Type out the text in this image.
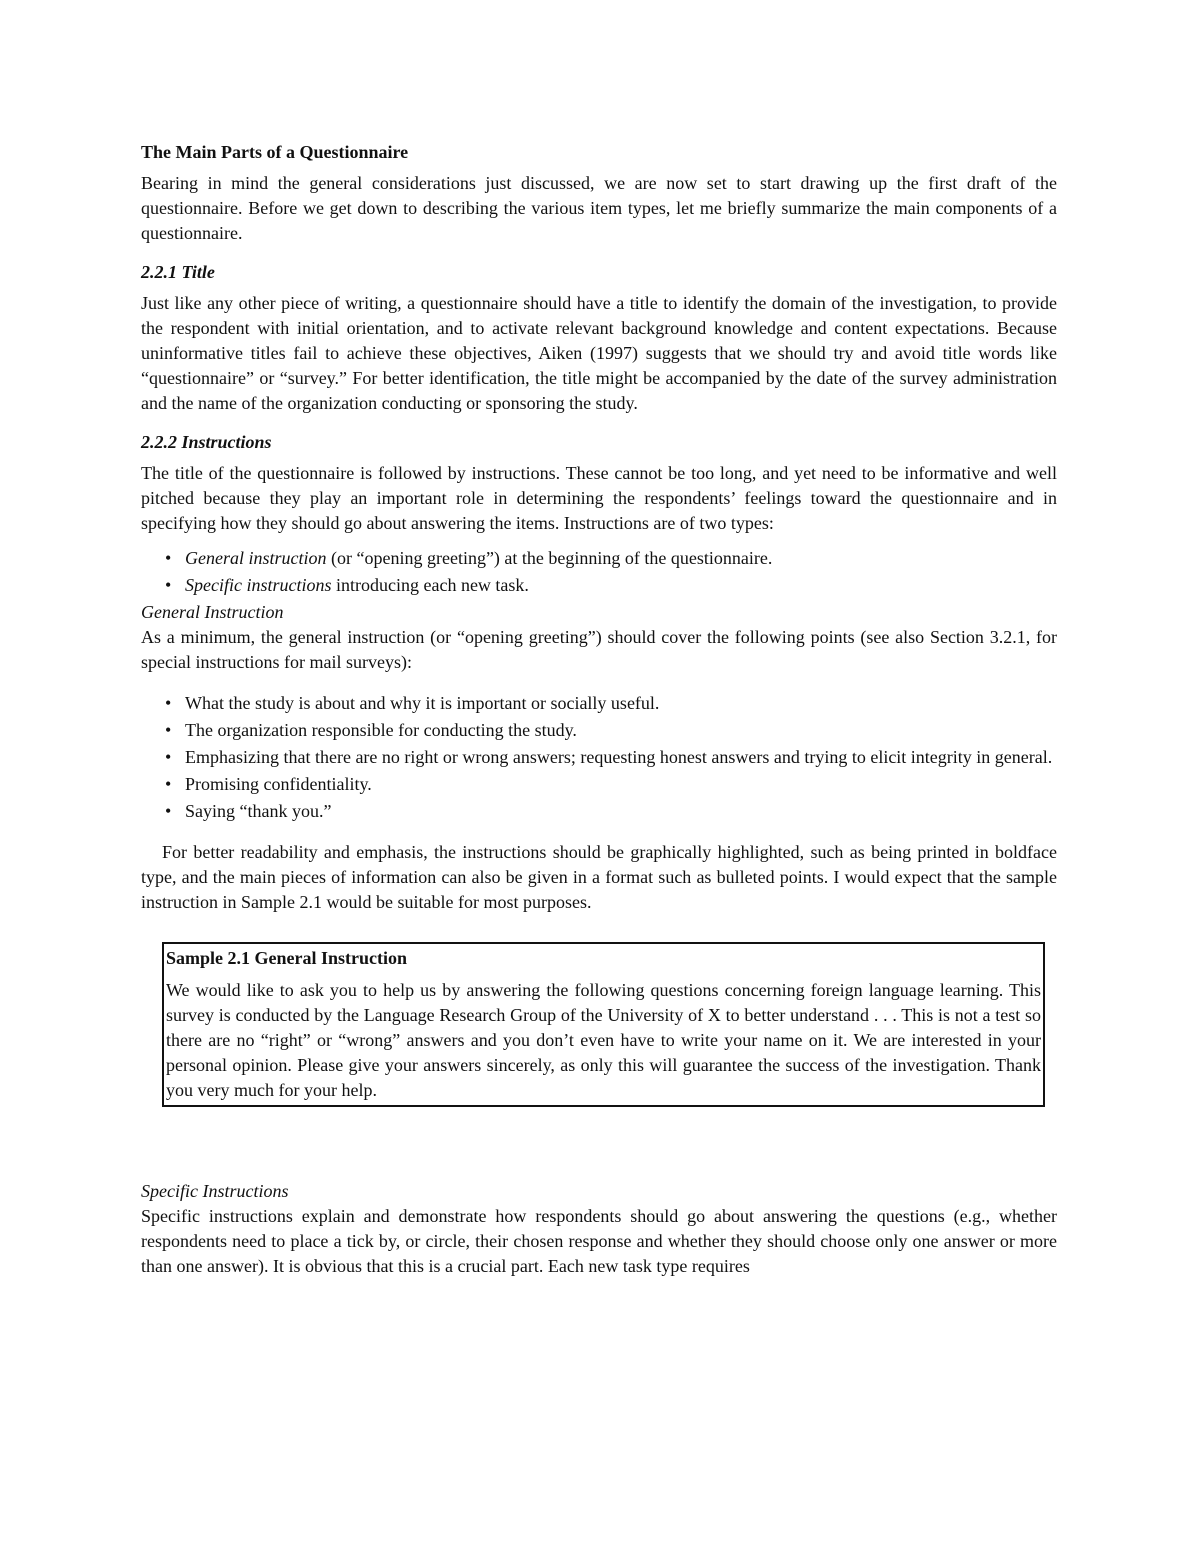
The Main Parts of a Questionnaire

Bearing in mind the general considerations just discussed, we are now set to start drawing up the first draft of the questionnaire. Before we get down to describing the various item types, let me briefly summarize the main components of a questionnaire.

2.2.1 Title

Just like any other piece of writing, a questionnaire should have a title to identify the domain of the investigation, to provide the respondent with initial orientation, and to activate relevant background knowledge and content expectations. Because uninformative titles fail to achieve these objectives, Aiken (1997) suggests that we should try and avoid title words like “questionnaire” or “survey.” For better identification, the title might be accompanied by the date of the survey administration and the name of the organization conducting or sponsoring the study.

2.2.2 Instructions

The title of the questionnaire is followed by instructions. These cannot be too long, and yet need to be informative and well pitched because they play an important role in determining the respondents’ feelings toward the questionnaire and in specifying how they should go about answering the items. Instructions are of two types:

• General instruction (or “opening greeting”) at the beginning of the questionnaire.
• Specific instructions introducing each new task.

General Instruction

As a minimum, the general instruction (or “opening greeting”) should cover the following points (see also Section 3.2.1, for special instructions for mail surveys):

• What the study is about and why it is important or socially useful.
• The organization responsible for conducting the study.
• Emphasizing that there are no right or wrong answers; requesting honest answers and trying to elicit integrity in general.
• Promising confidentiality.
• Saying “thank you.”

For better readability and emphasis, the instructions should be graphically highlighted, such as being printed in boldface type, and the main pieces of information can also be given in a format such as bulleted points. I would expect that the sample instruction in Sample 2.1 would be suitable for most purposes.

Sample 2.1 General Instruction

We would like to ask you to help us by answering the following questions concerning foreign language learning. This survey is conducted by the Language Research Group of the University of X to better understand . . . This is not a test so there are no “right” or “wrong” answers and you don’t even have to write your name on it. We are interested in your personal opinion. Please give your answers sincerely, as only this will guarantee the success of the investigation. Thank you very much for your help.

Specific Instructions

Specific instructions explain and demonstrate how respondents should go about answering the questions (e.g., whether respondents need to place a tick by, or circle, their chosen response and whether they should choose only one answer or more than one answer). It is obvious that this is a crucial part. Each new task type requires
